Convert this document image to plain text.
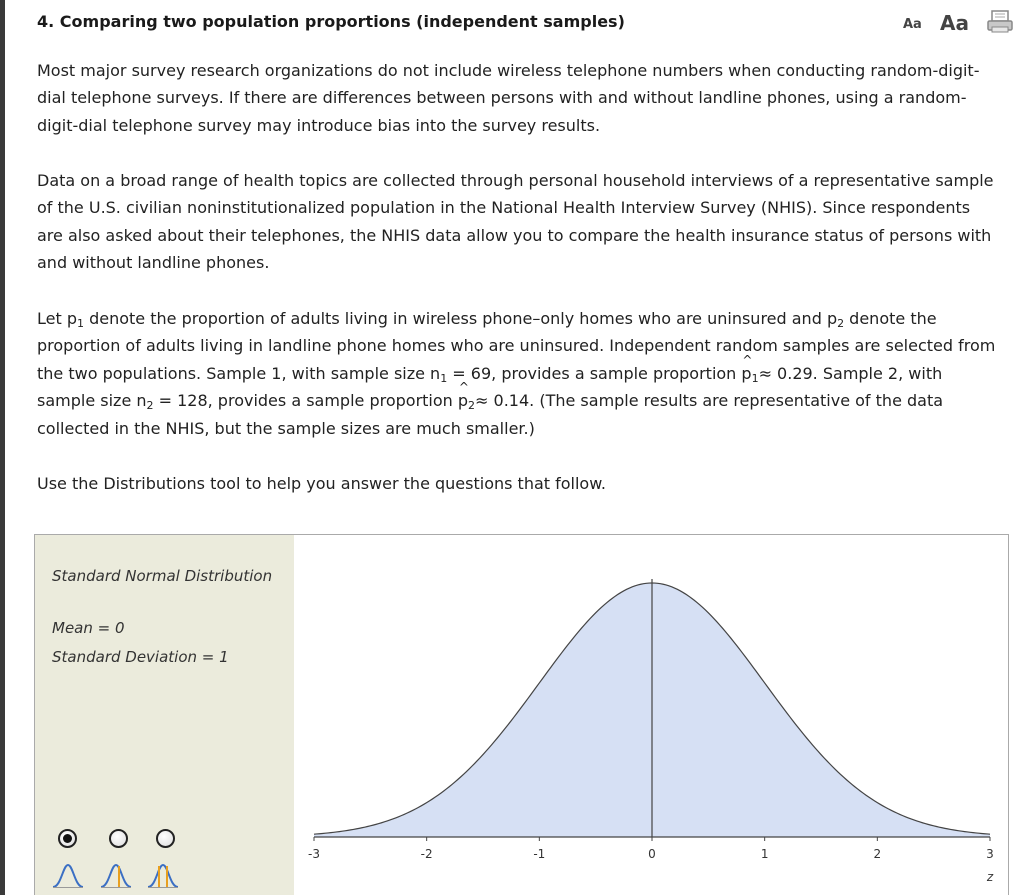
4. Comparing two population proportions (independent samples)	Aa Aa
Most major survey research organizations do not include wireless telephone numbers when conducting random-digit-dial telephone surveys. If there are differences between persons with and without landline phones, using a random-digit-dial telephone survey may introduce bias into the survey results.
Data on a broad range of health topics are collected through personal household interviews of a representative sample of the U.S. civilian noninstitutionalized population in the National Health Interview Survey (NHIS). Since respondents are also asked about their telephones, the NHIS data allow you to compare the health insurance status of persons with and without landline phones.
Let $p_1$ denote the proportion of adults living in wireless phone–only homes who are uninsured and $p_2$ denote the proportion of adults living in landline phone homes who are uninsured. Independent random samples are selected from the two populations. Sample 1, with sample size $n_1 = 69$, provides a sample proportion ^ $p_1\approx 0.29$. Sample 2, with sample size $n_2 = 128$, provides a sample proportion ^ $p_2\approx 0.14$. (The sample results are representative of the data collected in the NHIS, but the sample sizes are much smaller.)
Use the Distributions tool to help you answer the questions that follow.
Standard Normal Distribution
Mean = 0
Standard Deviation = 1
-3	-2	-1	0	1	2	3
z
